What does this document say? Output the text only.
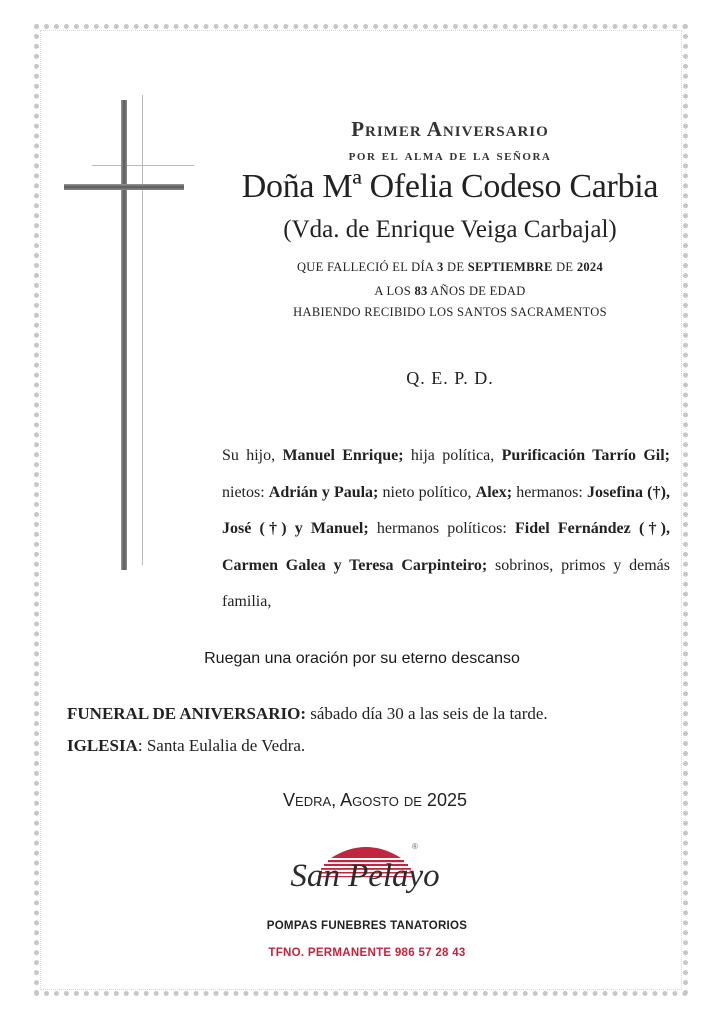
Primer Aniversario
por el alma de la señora
Doña Mª Ofelia Codeso Carbia
(Vda. de Enrique Veiga Carbajal)
QUE FALLECIÓ EL DÍA 3 DE SEPTIEMBRE DE 2024
A LOS 83 AÑOS DE EDAD
HABIENDO RECIBIDO LOS SANTOS SACRAMENTOS
Q. E. P. D.
Su hijo, Manuel Enrique; hija política, Purificación Tarrío Gil; nietos: Adrián y Paula; nieto político, Alex; hermanos: Josefina (†), José (†) y Manuel; hermanos políticos: Fidel Fernández (†), Carmen Galea y Teresa Carpinteiro; sobrinos, primos y demás familia,
Ruegan una oración por su eterno descanso
FUNERAL DE ANIVERSARIO: sábado día 30 a las seis de la tarde.
IGLESIA: Santa Eulalia de Vedra.
Vedra, Agosto de 2025
San Pelayo
®
POMPAS FUNEBRES TANATORIOS
TFNO. PERMANENTE 986 57 28 43
